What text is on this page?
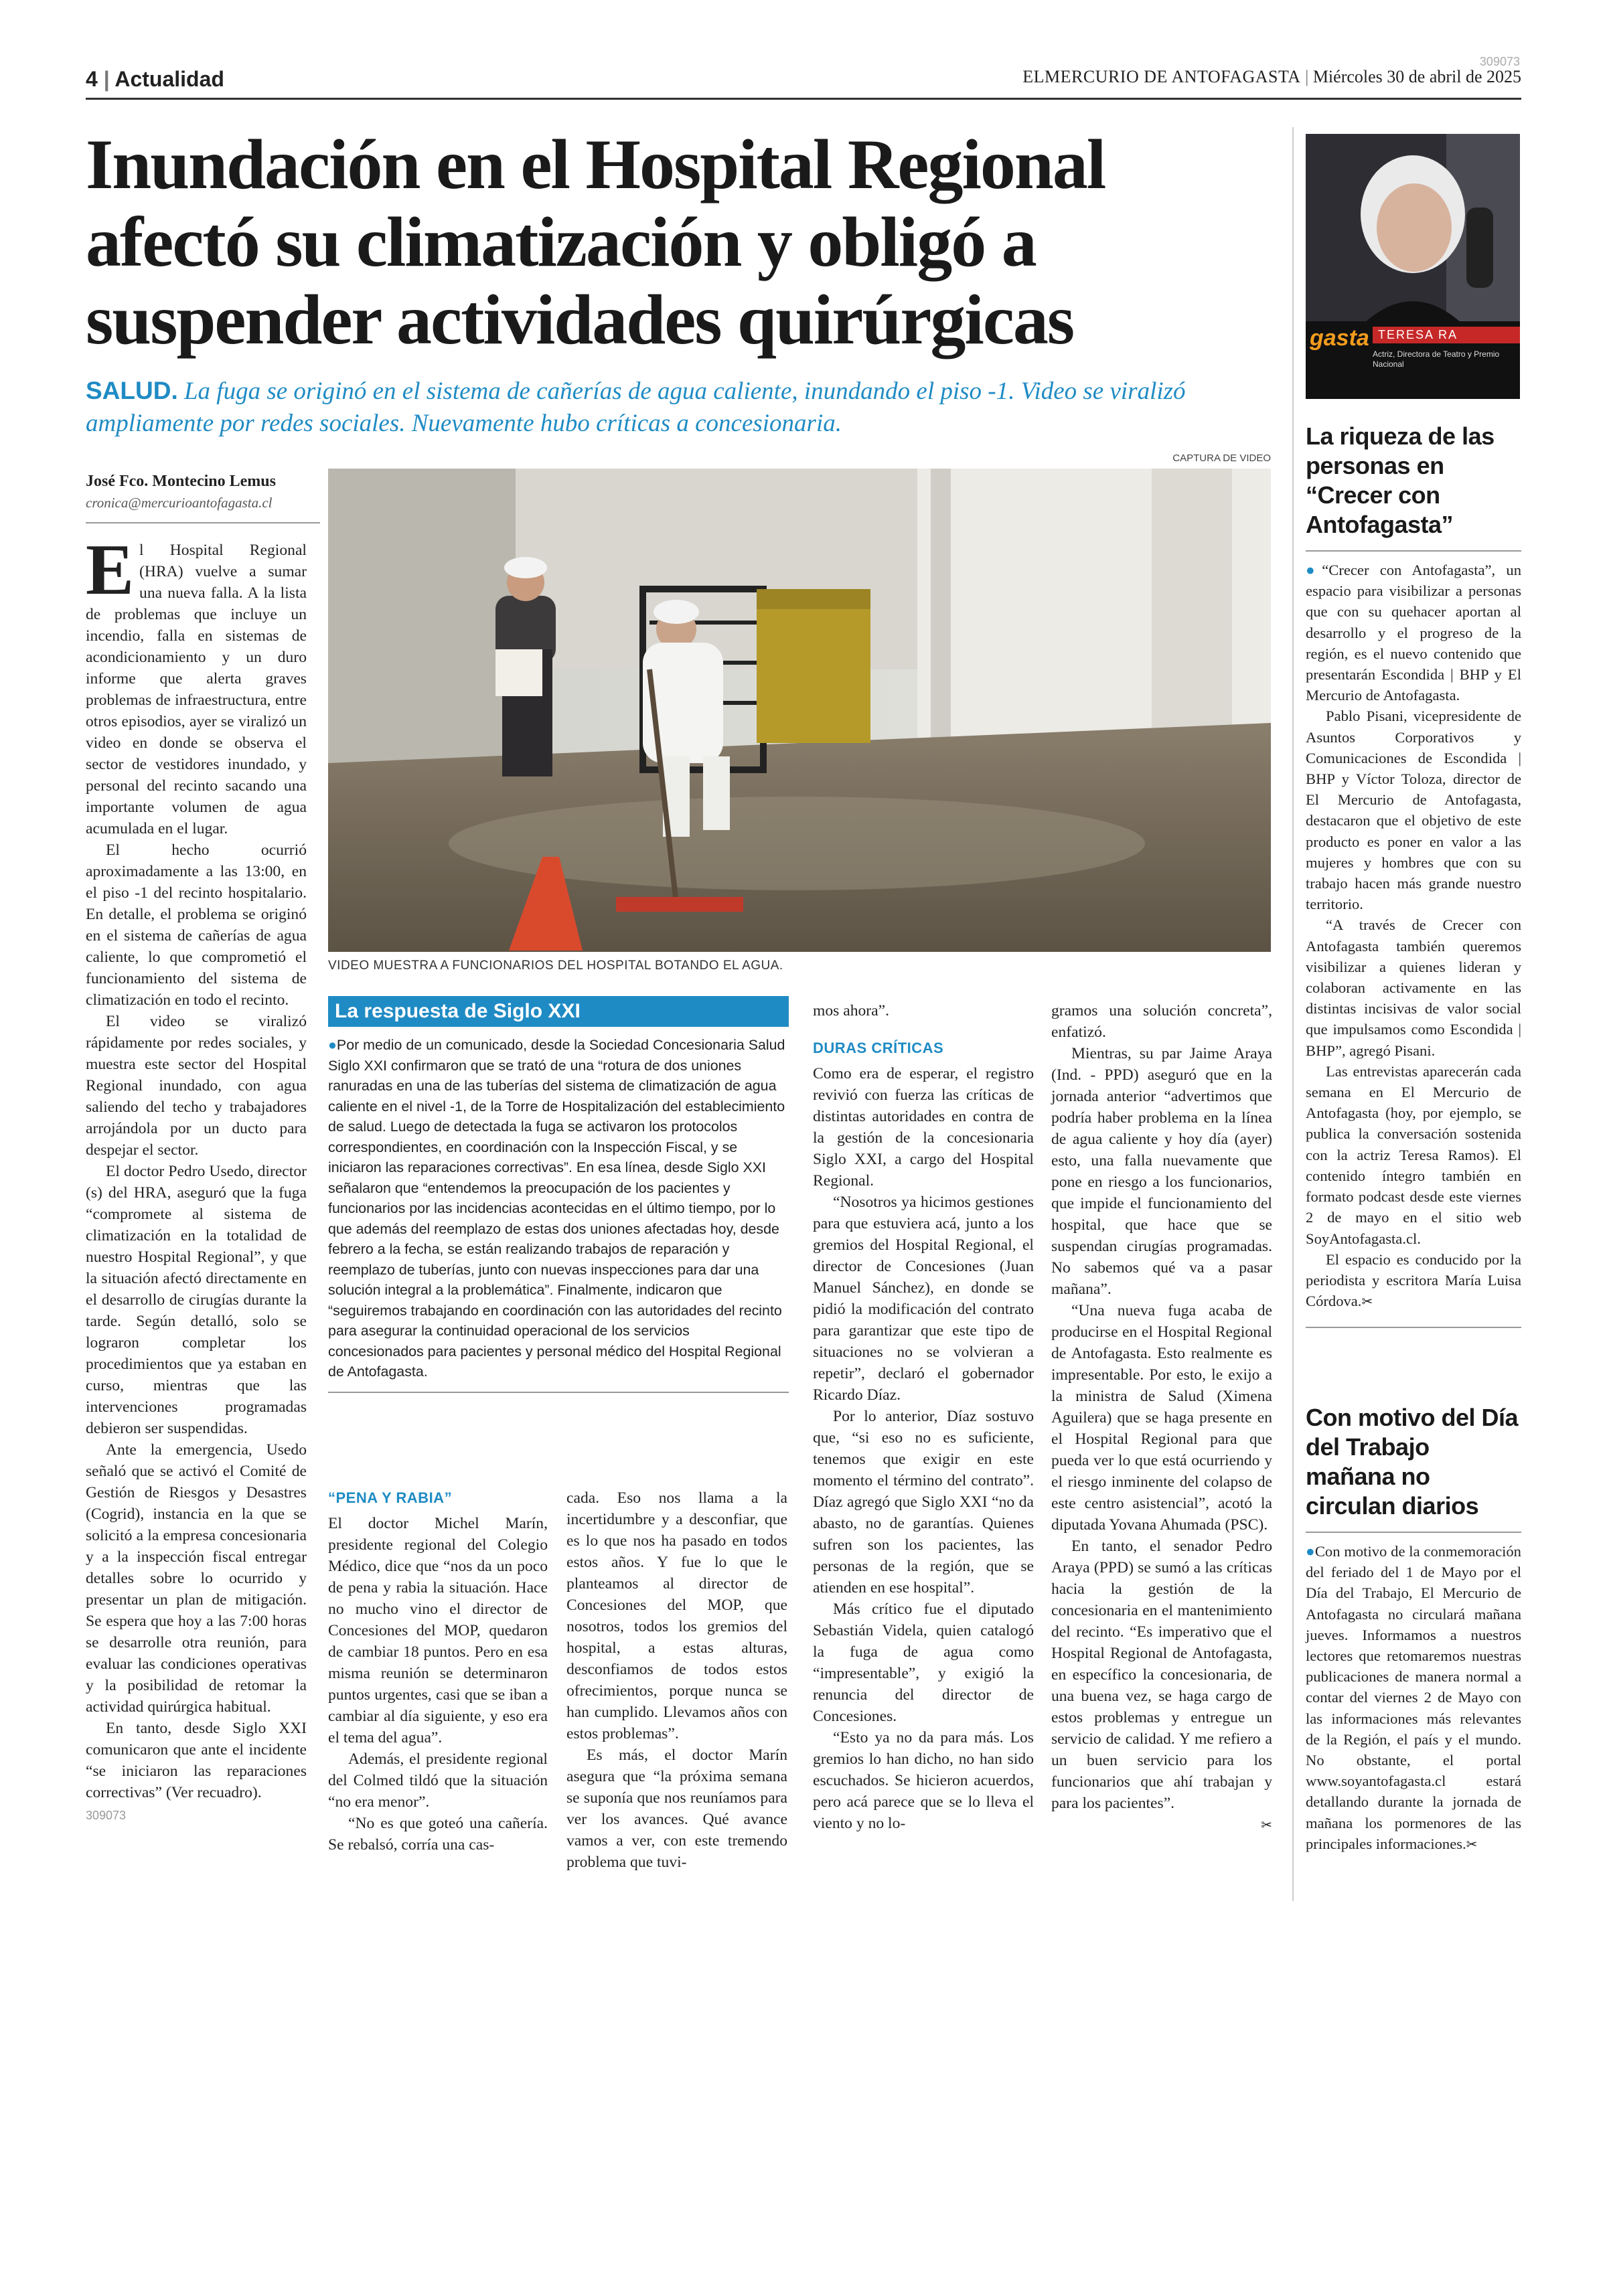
4 | Actualidad	ELMERCURIO DE ANTOFAGASTA | Miércoles 30 de abril de 2025
309073
Inundación en el Hospital Regional
afectó su climatización y obligó a
suspender actividades quirúrgicas
SALUD. La fuga se originó en el sistema de cañerías de agua caliente, inundando el piso -1. Video se viralizó ampliamente por redes sociales. Nuevamente hubo críticas a concesionaria.
José Fco. Montecino Lemus
cronica@mercurioantofagasta.cl
CAPTURA DE VIDEO
VIDEO MUESTRA A FUNCIONARIOS DEL HOSPITAL BOTANDO EL AGUA.

El Hospital Regional (HRA) vuelve a sumar una nueva falla. A la lista de problemas que incluye un incendio, falla en sistemas de acondicionamiento y un duro informe que alerta graves problemas de infraestructura, entre otros episodios, ayer se viralizó un video en donde se observa el sector de vestidores inundado, y personal del recinto sacando una importante volumen de agua acumulada en el lugar.

El hecho ocurrió aproximadamente a las 13:00, en el piso -1 del recinto hospitalario. En detalle, el problema se originó en el sistema de cañerías de agua caliente, lo que comprometió el funcionamiento del sistema de climatización en todo el recinto.

El video se viralizó rápidamente por redes sociales, y muestra este sector del Hospital Regional inundado, con agua saliendo del techo y trabajadores arrojándola por un ducto para despejar el sector.

El doctor Pedro Usedo, director (s) del HRA, aseguró que la fuga “compromete al sistema de climatización en la totalidad de nuestro Hospital Regional”, y que la situación afectó directamente en el desarrollo de cirugías durante la tarde. Según detalló, solo se lograron completar los procedimientos que ya estaban en curso, mientras que las intervenciones programadas debieron ser suspendidas.

Ante la emergencia, Usedo señaló que se activó el Comité de Gestión de Riesgos y Desastres (Cogrid), instancia en la que se solicitó a la empresa concesionaria y a la inspección fiscal entregar detalles sobre lo ocurrido y presentar un plan de mitigación. Se espera que hoy a las 7:00 horas se desarrolle otra reunión, para evaluar las condiciones operativas y la posibilidad de retomar la actividad quirúrgica habitual.

En tanto, desde Siglo XXI comunicaron que ante el incidente “se iniciaron las reparaciones correctivas” (Ver recuadro).

309073
La respuesta de Siglo XXI
●Por medio de un comunicado, desde la Sociedad Concesionaria Salud Siglo XXI confirmaron que se trató de una “rotura de dos uniones ranuradas en una de las tuberías del sistema de climatización de agua caliente en el nivel -1, de la Torre de Hospitalización del establecimiento de salud. Luego de detectada la fuga se activaron los protocolos correspondientes, en coordinación con la Inspección Fiscal, y se iniciaron las reparaciones correctivas”. En esa línea, desde Siglo XXI señalaron que “entendemos la preocupación de los pacientes y funcionarios por las incidencias acontecidas en el último tiempo, por lo que además del reemplazo de estas dos uniones afectadas hoy, desde febrero a la fecha, se están realizando trabajos de reparación y reemplazo de tuberías, junto con nuevas inspecciones para dar una solución integral a la problemática”. Finalmente, indicaron que “seguiremos trabajando en coordinación con las autoridades del recinto para asegurar la continuidad operacional de los servicios concesionados para pacientes y personal médico del Hospital Regional de Antofagasta.
“PENA Y RABIA”

El doctor Michel Marín, presidente regional del Colegio Médico, dice que “nos da un poco de pena y rabia la situación. Hace no mucho vino el director de Concesiones del MOP, quedaron de cambiar 18 puntos. Pero en esa misma reunión se determinaron puntos urgentes, casi que se iban a cambiar al día siguiente, y eso era el tema del agua”.

Además, el presidente regional del Colmed tildó que la situación “no era menor”.

“No es que goteó una cañería. Se rebalsó, corría una cas-

cada. Eso nos llama a la incertidumbre y a desconfiar, que es lo que nos ha pasado en todos estos años. Y fue lo que le planteamos al director de Concesiones del MOP, que nosotros, todos los gremios del hospital, a estas alturas, desconfiamos de todos estos ofrecimientos, porque nunca se han cumplido. Llevamos años con estos problemas”.

Es más, el doctor Marín asegura que “la próxima semana se suponía que nos reuníamos para ver los avances. Qué avance vamos a ver, con este tremendo problema que tuvi-

mos ahora”.

DURAS CRÍTICAS

Como era de esperar, el registro revivió con fuerza las críticas de distintas autoridades en contra de la gestión de la concesionaria Siglo XXI, a cargo del Hospital Regional.

“Nosotros ya hicimos gestiones para que estuviera acá, junto a los gremios del Hospital Regional, el director de Concesiones (Juan Manuel Sánchez), en donde se pidió la modificación del contrato para garantizar que este tipo de situaciones no se volvieran a repetir”, declaró el gobernador Ricardo Díaz.

Por lo anterior, Díaz sostuvo que, “si eso no es suficiente, tenemos que exigir en este momento el término del contrato”. Díaz agregó que Siglo XXI “no da abasto, no de garantías. Quienes sufren son los pacientes, las personas de la región, que se atienden en ese hospital”.

Más crítico fue el diputado Sebastián Videla, quien catalogó la fuga de agua como “impresentable”, y exigió la renuncia del director de Concesiones.

“Esto ya no da para más. Los gremios lo han dicho, no han sido escuchados. Se hicieron acuerdos, pero acá parece que se lo lleva el viento y no lo-

gramos una solución concreta”, enfatizó.

Mientras, su par Jaime Araya (Ind. - PPD) aseguró que en la jornada anterior “advertimos que podría haber problema en la línea de agua caliente y hoy día (ayer) esto, una falla nuevamente que pone en riesgo a los funcionarios, que impide el funcionamiento del hospital, que hace que se suspendan cirugías programadas. No sabemos qué va a pasar mañana”.

“Una nueva fuga acaba de producirse en el Hospital Regional de Antofagasta. Esto realmente es impresentable. Por esto, le exijo a la ministra de Salud (Ximena Aguilera) que se haga presente en el Hospital Regional para que pueda ver lo que está ocurriendo y el riesgo inminente del colapso de este centro asistencial”, acotó la diputada Yovana Ahumada (PSC).

En tanto, el senador Pedro Araya (PPD) se sumó a las críticas hacia la gestión de la concesionaria en el mantenimiento del recinto. “Es imperativo que el Hospital Regional de Antofagasta, en específico la concesionaria, de una buena vez, se haga cargo de estos problemas y entregue un servicio de calidad. Y me refiero a un buen servicio para los funcionarios que ahí trabajan y para los pacientes”.

✂
gasta TERESA RA
Actriz, Directora de Teatro y Premio Nacional
La riqueza de las
personas en
“Crecer con
Antofagasta”

●“Crecer con Antofagasta”, un espacio para visibilizar a personas que con su quehacer aportan al desarrollo y el progreso de la región, es el nuevo contenido que presentarán Escondida | BHP y El Mercurio de Antofagasta.

Pablo Pisani, vicepresidente de Asuntos Corporativos y Comunicaciones de Escondida | BHP y Víctor Toloza, director de El Mercurio de Antofagasta, destacaron que el objetivo de este producto es poner en valor a las mujeres y hombres que con su trabajo hacen más grande nuestro territorio.

“A través de Crecer con Antofagasta también queremos visibilizar a quienes lideran y colaboran activamente en las distintas incisivas de valor social que impulsamos como Escondida | BHP”, agregó Pisani.

Las entrevistas aparecerán cada semana en El Mercurio de Antofagasta (hoy, por ejemplo, se publica la conversación sostenida con la actriz Teresa Ramos). El contenido íntegro también en formato podcast desde este viernes 2 de mayo en el sitio web SoyAntofagasta.cl.

El espacio es conducido por la periodista y escritora María Luisa Córdova.✂

Con motivo del Día
del Trabajo
mañana no
circulan diarios

●Con motivo de la conmemoración del feriado del 1 de Mayo por el Día del Trabajo, El Mercurio de Antofagasta no circulará mañana jueves. Informamos a nuestros lectores que retomaremos nuestras publicaciones de manera normal a contar del viernes 2 de Mayo con las informaciones más relevantes de la Región, el país y el mundo. No obstante, el portal www.soyantofagasta.cl estará detallando durante la jornada de mañana los pormenores de las principales informaciones.✂
